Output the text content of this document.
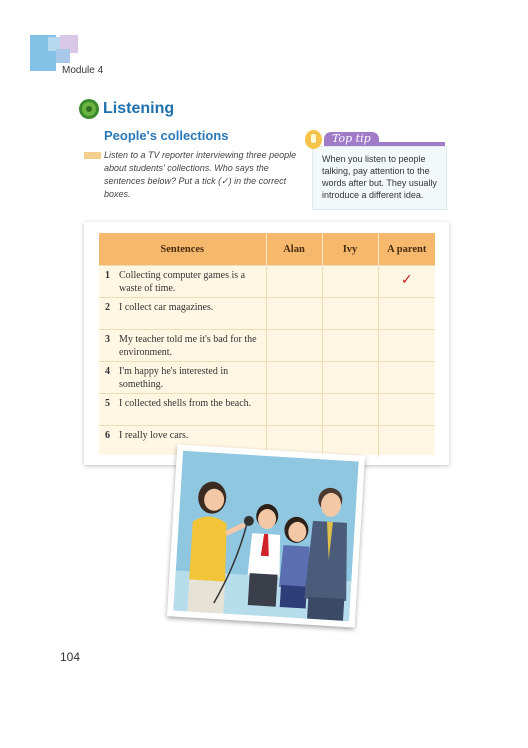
Module 4
Listening
People's collections
Listen to a TV reporter interviewing three people about students' collections. Who says the sentences below? Put a tick (✓) in the correct boxes.
Top tip
When you listen to people talking, pay attention to the words after but. They usually introduce a different idea.
Sentences	Alan	Ivy	A parent

1 Collecting computer games is a waste of time.			✓

2 I collect car magazines.			

3 My teacher told me it's bad for the environment.			

4 I'm happy he's interested in something.			

5 I collected shells from the beach.			

6 I really love cars.			

104
